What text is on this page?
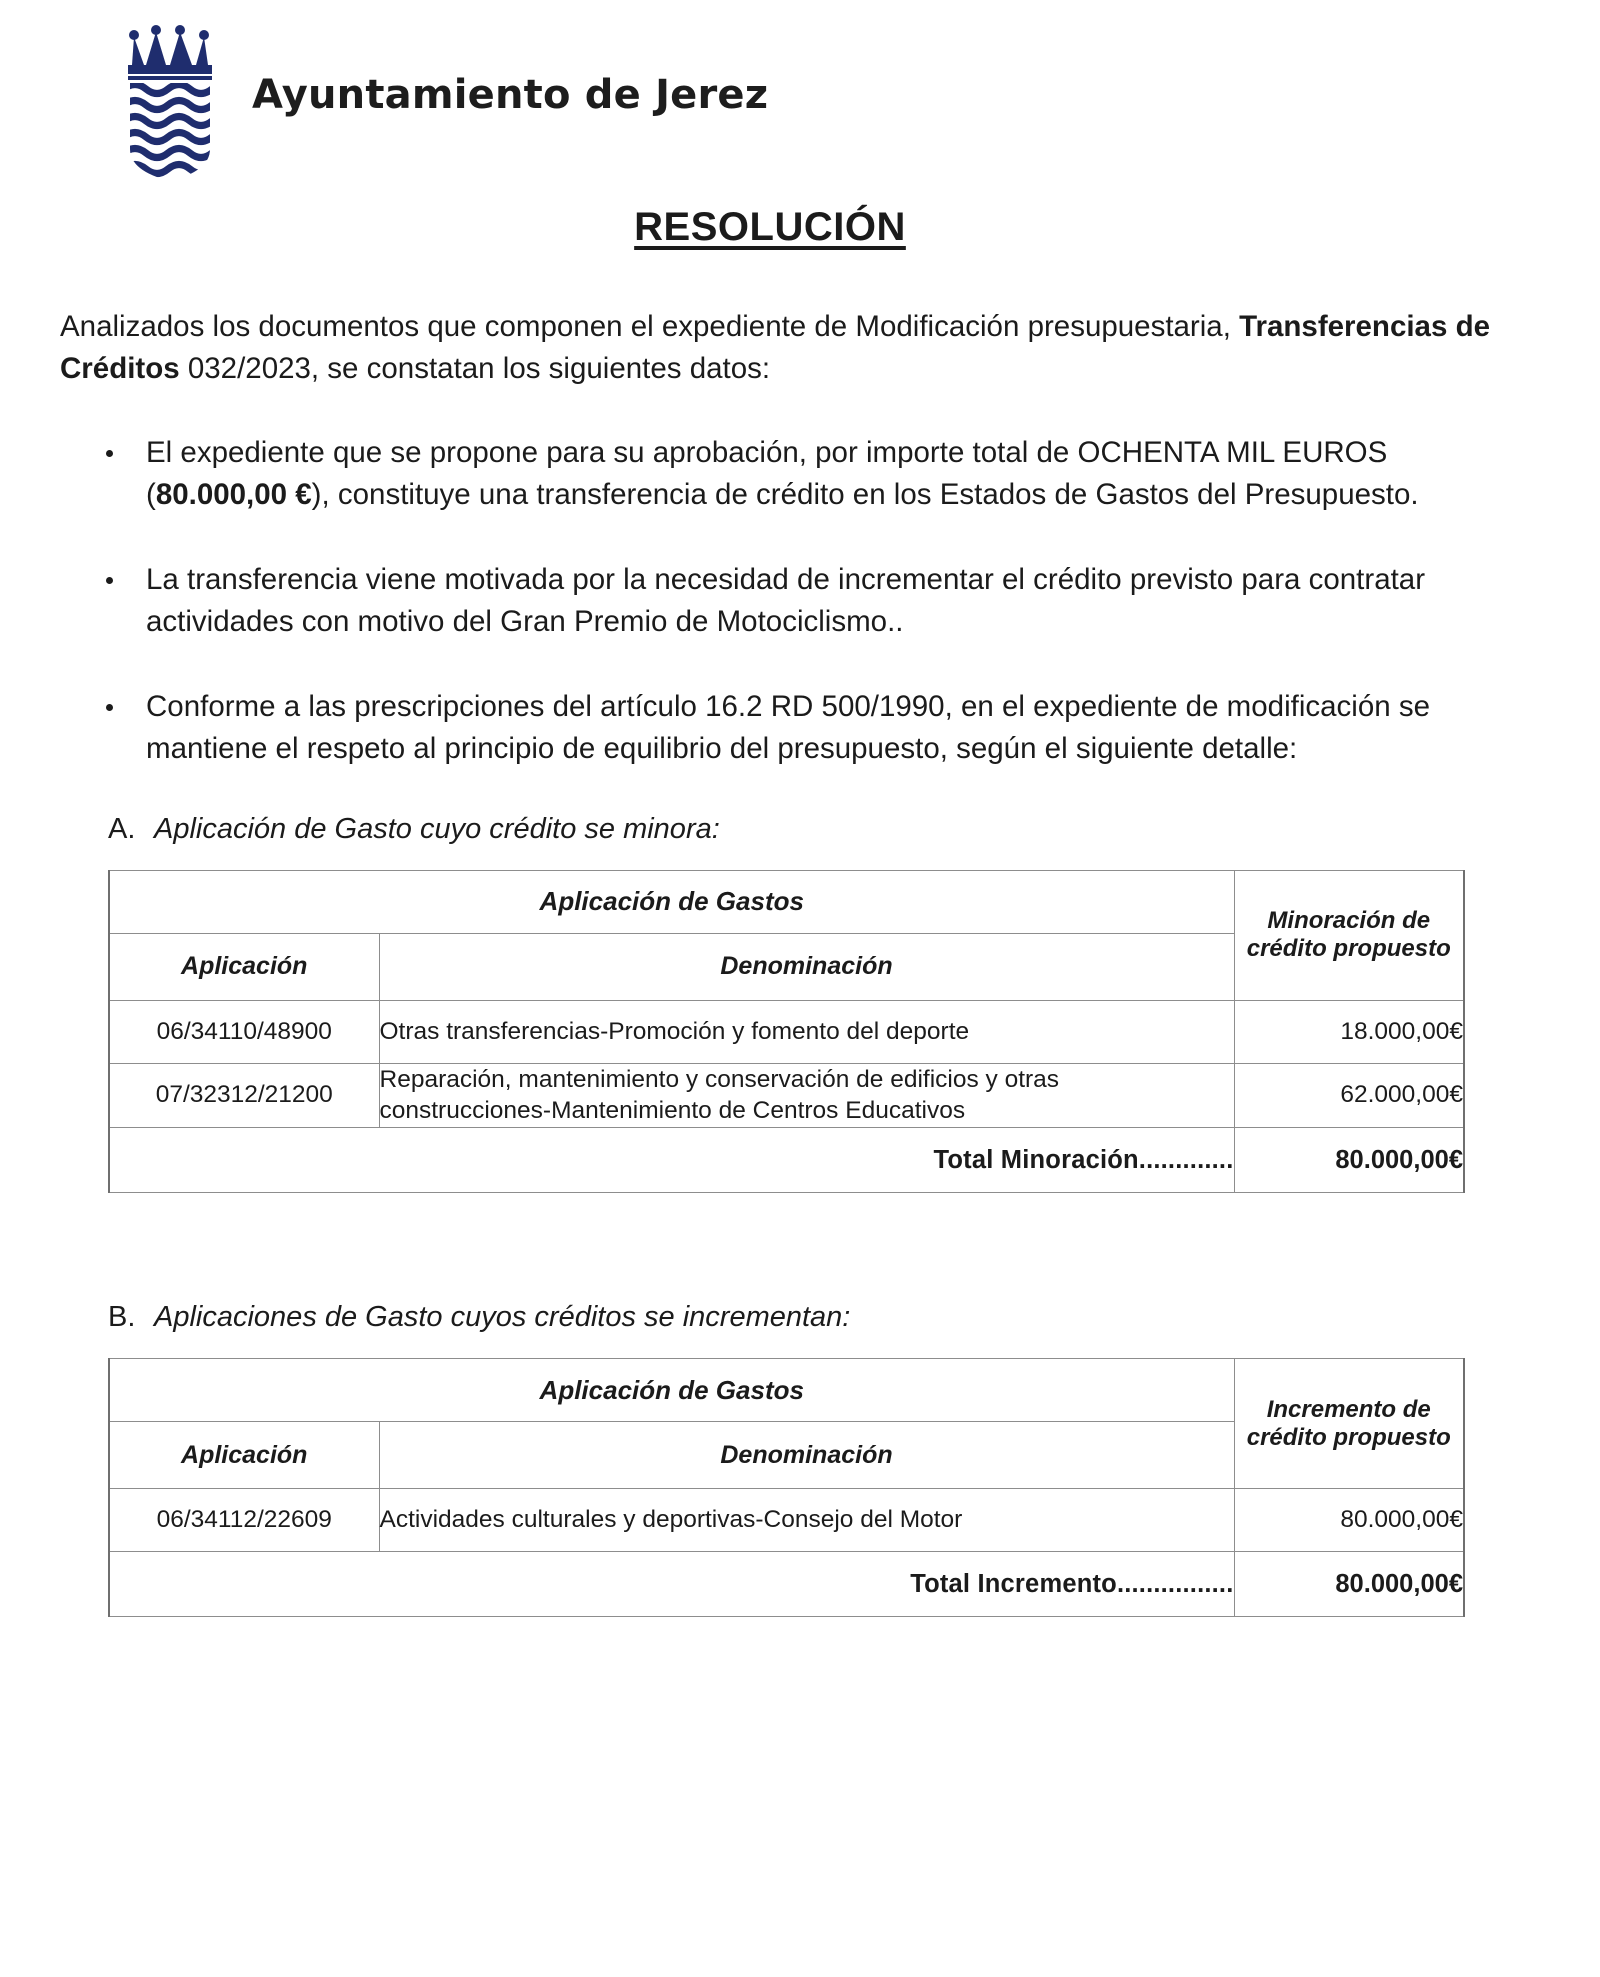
Ayuntamiento de Jerez
RESOLUCIÓN

Analizados los documentos que componen el expediente de Modificación presupuestaria, Transferencias de Créditos 032/2023, se constatan los siguientes datos:

El expediente que se propone para su aprobación, por importe total de OCHENTA MIL EUROS (80.000,00 €), constituye una transferencia de crédito en los Estados de Gastos del Presupuesto.
La transferencia viene motivada por la necesidad de incrementar el crédito previsto para contratar actividades con motivo del Gran Premio de Motociclismo..
Conforme a las prescripciones del artículo 16.2 RD 500/1990, en el expediente de modificación se mantiene el respeto al principio de equilibrio del presupuesto, según el siguiente detalle:
A. Aplicación de Gasto cuyo crédito se minora:
Aplicación de Gastos		Minoración de crédito propuesto
Aplicación	Denominación	
06/34110/48900	Otras transferencias-Promoción y fomento del deporte	18.000,00€
07/32312/21200	Reparación, mantenimiento y conservación de edificios y otras construcciones-Mantenimiento de Centros Educativos	62.000,00€
Total Minoración.............		80.000,00€
B. Aplicaciones de Gasto cuyos créditos se incrementan:
Aplicación de Gastos		Incremento de crédito propuesto
Aplicación	Denominación	
06/34112/22609	Actividades culturales y deportivas-Consejo del Motor	80.000,00€
Total Incremento................		80.000,00€
